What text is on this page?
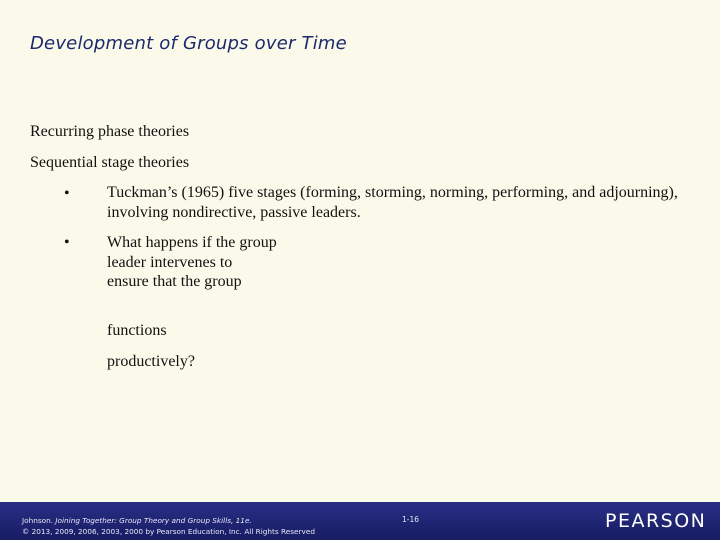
Development of Groups over Time
Recurring phase theories
Sequential stage theories
• Tuckman’s (1965) five stages (forming, storming, norming, performing, and adjourning), involving nondirective, passive leaders.
• What happens if the group leader intervenes to ensure that the group
functions
productively?
Johnson. Joining Together: Group Theory and Group Skills, 11e.
© 2013, 2009, 2006, 2003, 2000 by Pearson Education, Inc. All Rights Reserved
1-16	PEARSON
